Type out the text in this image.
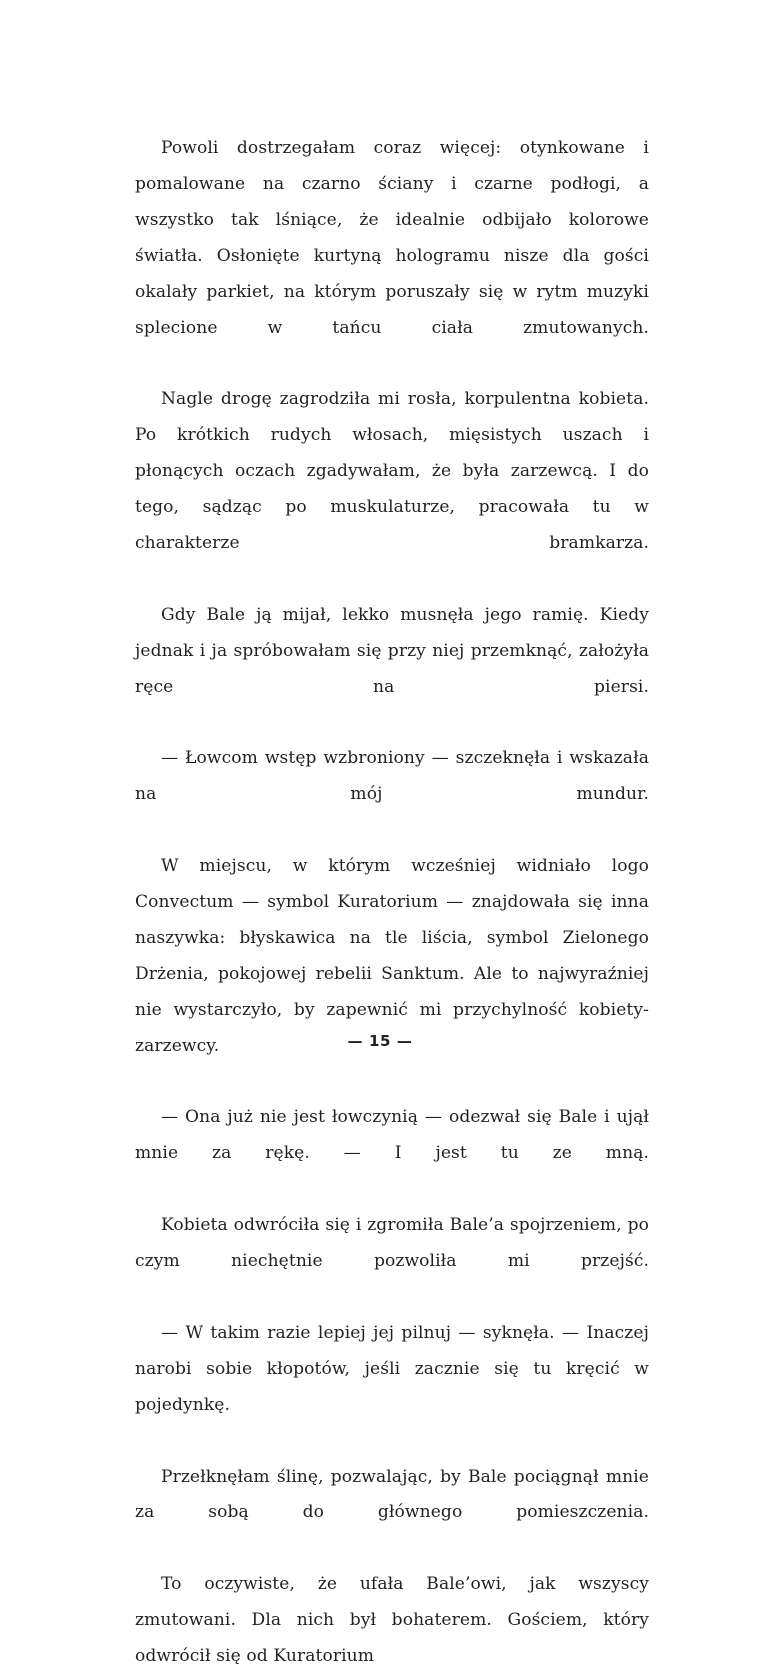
Powoli dostrzegałam coraz więcej: otynkowane i pomalowane na czarno ściany i czarne podłogi, a wszystko tak lśniące, że idealnie odbijało kolorowe światła. Osłonięte kurtyną hologramu nisze dla gości okalały parkiet, na którym poruszały się w rytm muzyki splecione w tańcu ciała zmutowanych.

Nagle drogę zagrodziła mi rosła, korpulentna kobieta. Po krótkich rudych włosach, mięsistych uszach i płonących oczach zgadywałam, że była zarzewcą. I do tego, sądząc po muskulaturze, pracowała tu w charakterze bramkarza.

Gdy Bale ją mijał, lekko musnęła jego ramię. Kiedy jednak i ja spróbowałam się przy niej przemknąć, założyła ręce na piersi.

— Łowcom wstęp wzbroniony — szczeknęła i wskazała na mój mundur.

W miejscu, w którym wcześniej widniało logo Convectum — symbol Kuratorium — znajdowała się inna naszywka: błyskawica na tle liścia, symbol Zielonego Drżenia, pokojowej rebelii Sanktum. Ale to najwyraźniej nie wystarczyło, by zapewnić mi przychylność kobiety-zarzewcy.

— Ona już nie jest łowczynią — odezwał się Bale i ujął mnie za rękę. — I jest tu ze mną.

Kobieta odwróciła się i zgromiła Bale’a spojrzeniem, po czym niechętnie pozwoliła mi przejść.

— W takim razie lepiej jej pilnuj — syknęła. — Inaczej narobi sobie kłopotów, jeśli zacznie się tu kręcić w pojedynkę.

Przełknęłam ślinę, pozwalając, by Bale pociągnął mnie za sobą do głównego pomieszczenia.

To oczywiste, że ufała Bale’owi, jak wszyscy zmutowani. Dla nich był bohaterem. Gościem, który odwrócił się od Kuratorium

— 15 —
